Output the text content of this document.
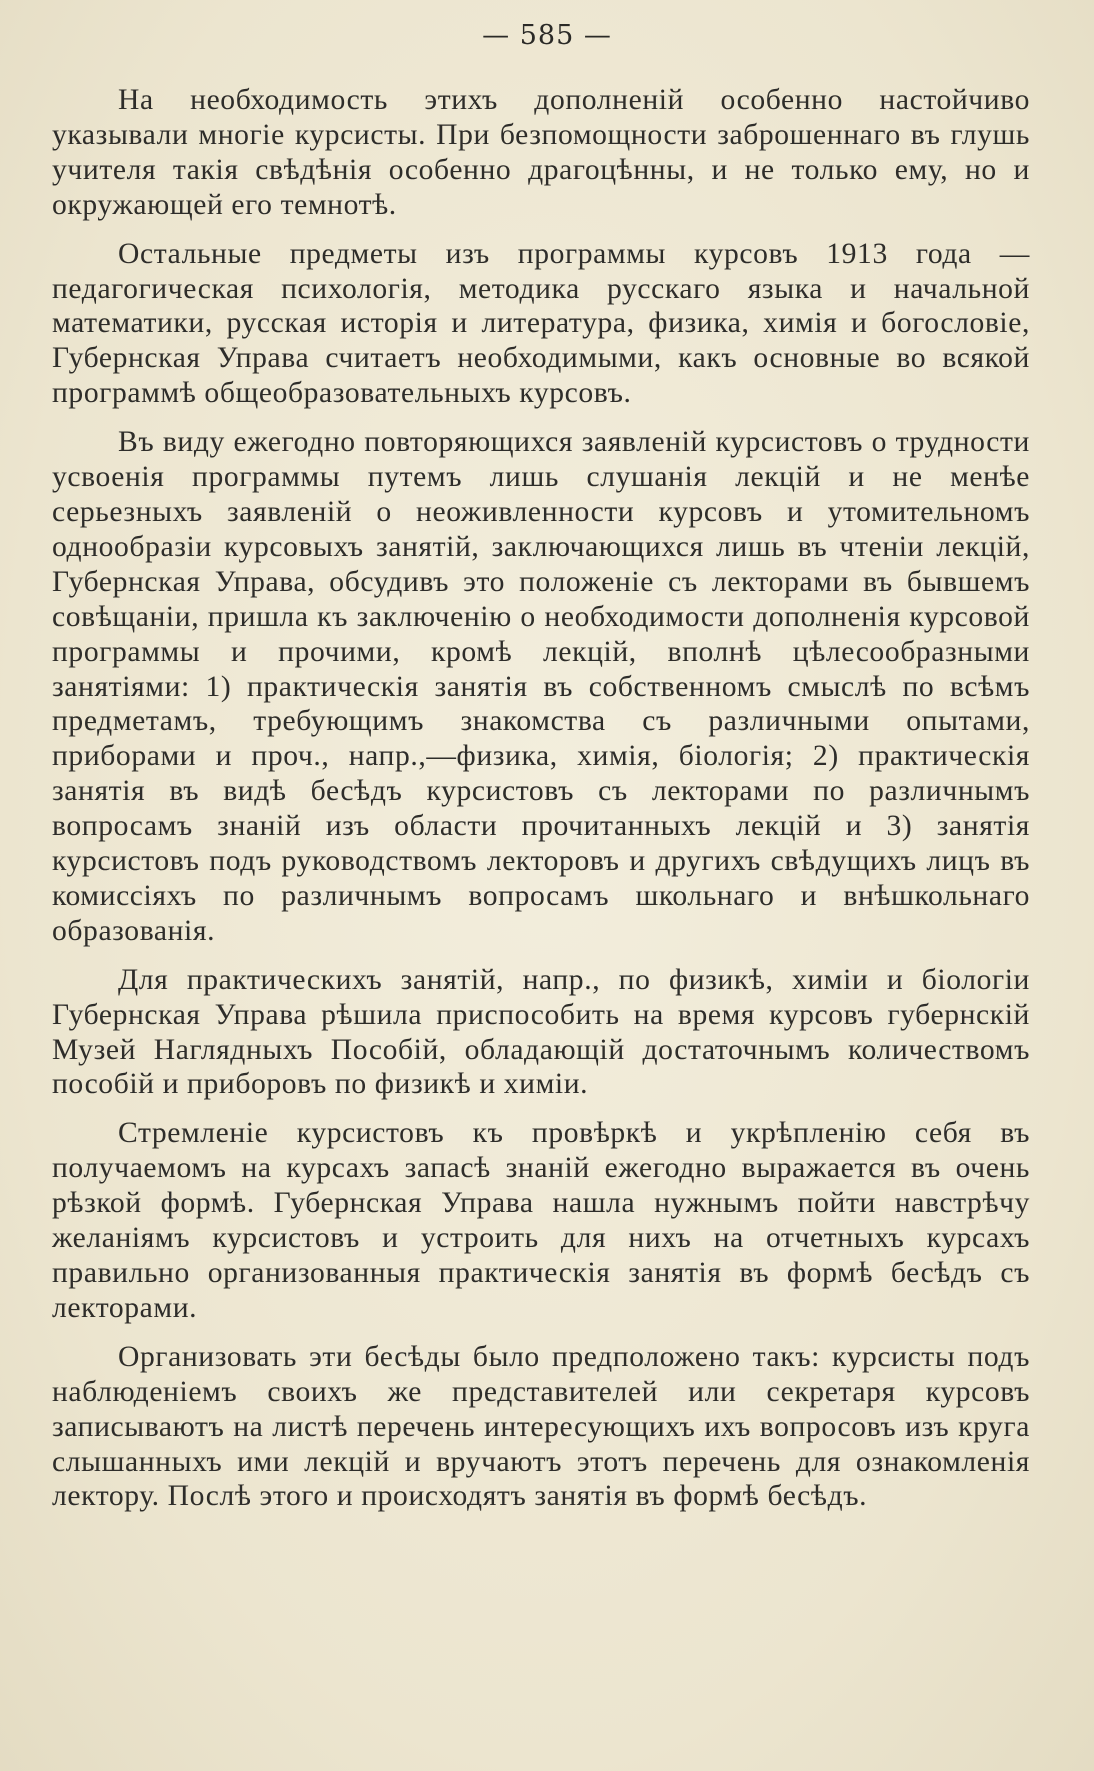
— 585 —

На необходимость этихъ дополненій особенно настойчиво указывали многіе курсисты. При безпомощности заброшеннаго въ глушь учителя такія свѣдѣнія особенно драгоцѣнны, и не только ему, но и окружающей его темнотѣ.

Остальные предметы изъ программы курсовъ 1913 года —педагогическая психологія, методика русскаго языка и начальной математики, русская исторія и литература, физика, химія и богословіе, Губернская Управа считаетъ необходимыми, какъ основные во всякой программѣ общеобразовательныхъ курсовъ.

Въ виду ежегодно повторяющихся заявленій курсистовъ о трудности усвоенія программы путемъ лишь слушанія лекцій и не менѣе серьезныхъ заявленій о неоживленности курсовъ и утомительномъ однообразіи курсовыхъ занятій, заключающихся лишь въ чтеніи лекцій, Губернская Управа, обсудивъ это положеніе съ лекторами въ бывшемъ совѣщаніи, пришла къ заключенію о необходимости дополненія курсовой программы и прочими, кромѣ лекцій, вполнѣ цѣлесообразными занятіями: 1) практическія занятія въ собственномъ смыслѣ по всѣмъ предметамъ, требующимъ знакомства съ различными опытами, приборами и проч., напр.,—физика, химія, біологія; 2) практическія занятія въ видѣ бесѣдъ курсистовъ съ лекторами по различнымъ вопросамъ знаній изъ области прочитанныхъ лекцій и 3) занятія курсистовъ подъ руководствомъ лекторовъ и другихъ свѣдущихъ лицъ въ комиссіяхъ по различнымъ вопросамъ школьнаго и внѣшкольнаго образованія.

Для практическихъ занятій, напр., по физикѣ, химіи и біологіи Губернская Управа рѣшила приспособить на время курсовъ губернскій Музей Наглядныхъ Пособій, обладающій достаточнымъ количествомъ пособій и приборовъ по физикѣ и химіи.

Стремленіе курсистовъ къ провѣркѣ и укрѣпленію себя въ получаемомъ на курсахъ запасѣ знаній ежегодно выражается въ очень рѣзкой формѣ. Губернская Управа нашла нужнымъ пойти навстрѣчу желаніямъ курсистовъ и устроить для нихъ на отчетныхъ курсахъ правильно организованныя практическія занятія въ формѣ бесѣдъ съ лекторами.

Организовать эти бесѣды было предположено такъ: курсисты подъ наблюденіемъ своихъ же представителей или секретаря курсовъ записываютъ на листѣ перечень интересующихъ ихъ вопросовъ изъ круга слышанныхъ ими лекцій и вручаютъ этотъ перечень для ознакомленія лектору. Послѣ этого и происходятъ занятія въ формѣ бесѣдъ.
